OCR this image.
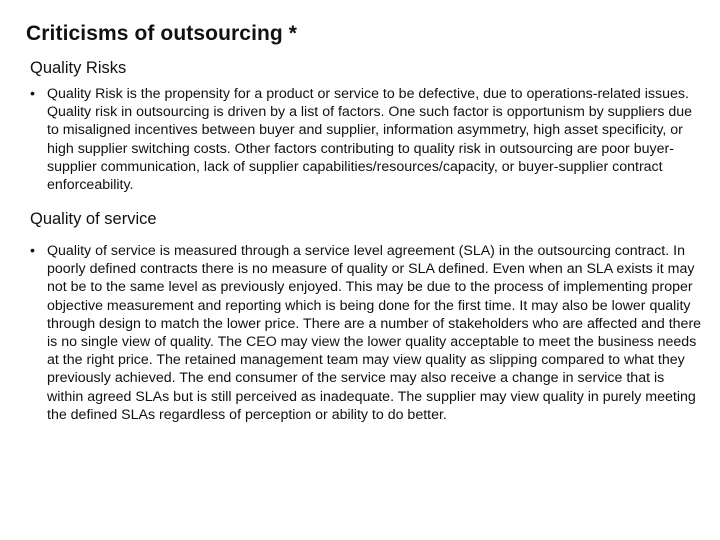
Criticisms of outsourcing *
Quality Risks
• Quality Risk is the propensity for a product or service to be defective, due to operations-related issues. Quality risk in outsourcing is driven by a list of factors. One such factor is opportunism by suppliers due to misaligned incentives between buyer and supplier, information asymmetry, high asset specificity, or high supplier switching costs. Other factors contributing to quality risk in outsourcing are poor buyer-supplier communication, lack of supplier capabilities/resources/capacity, or buyer-supplier contract enforceability.
Quality of service
• Quality of service is measured through a service level agreement (SLA) in the outsourcing contract. In poorly defined contracts there is no measure of quality or SLA defined. Even when an SLA exists it may not be to the same level as previously enjoyed. This may be due to the process of implementing proper objective measurement and reporting which is being done for the first time. It may also be lower quality through design to match the lower price. There are a number of stakeholders who are affected and there is no single view of quality. The CEO may view the lower quality acceptable to meet the business needs at the right price. The retained management team may view quality as slipping compared to what they previously achieved. The end consumer of the service may also receive a change in service that is within agreed SLAs but is still perceived as inadequate. The supplier may view quality in purely meeting the defined SLAs regardless of perception or ability to do better.
